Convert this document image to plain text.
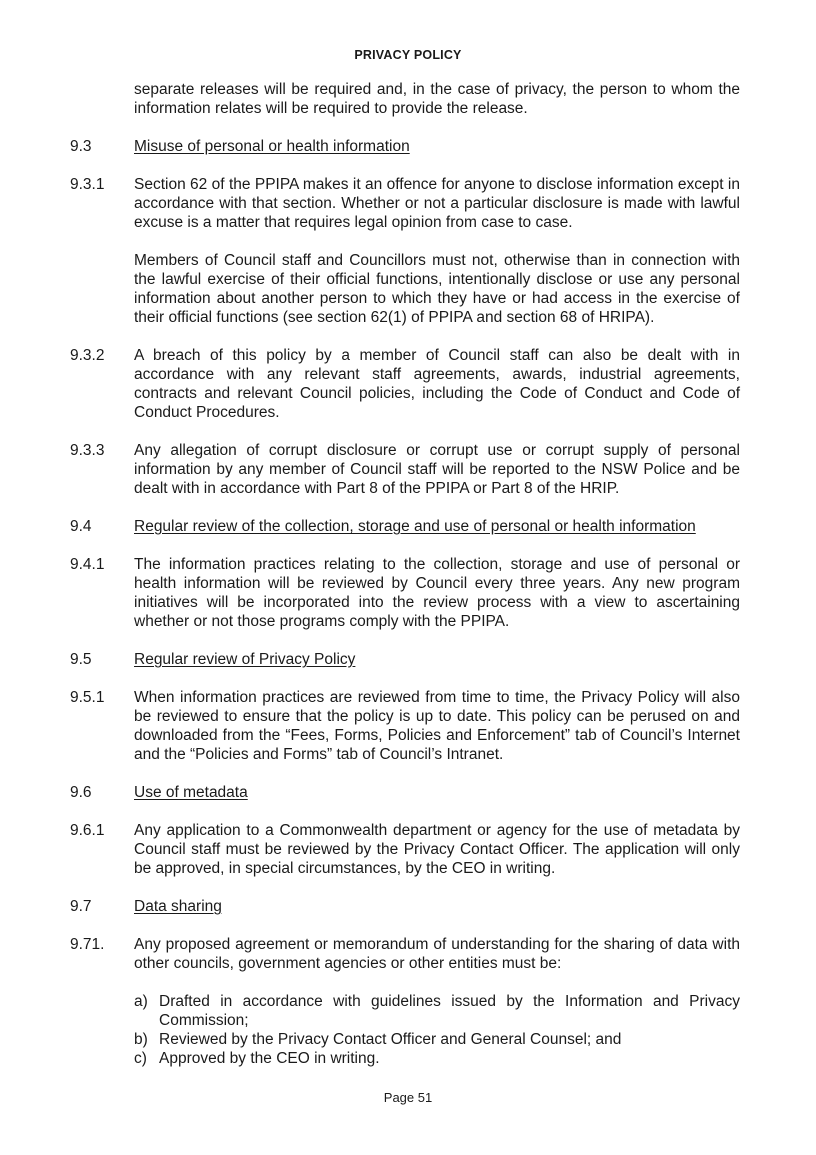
PRIVACY POLICY
separate releases will be required and, in the case of privacy, the person to whom the information relates will be required to provide the release.
9.3	Misuse of personal or health information
9.3.1 Section 62 of the PPIPA makes it an offence for anyone to disclose information except in accordance with that section. Whether or not a particular disclosure is made with lawful excuse is a matter that requires legal opinion from case to case.
Members of Council staff and Councillors must not, otherwise than in connection with the lawful exercise of their official functions, intentionally disclose or use any personal information about another person to which they have or had access in the exercise of their official functions (see section 62(1) of PPIPA and section 68 of HRIPA).
9.3.2 A breach of this policy by a member of Council staff can also be dealt with in accordance with any relevant staff agreements, awards, industrial agreements, contracts and relevant Council policies, including the Code of Conduct and Code of Conduct Procedures.
9.3.3 Any allegation of corrupt disclosure or corrupt use or corrupt supply of personal information by any member of Council staff will be reported to the NSW Police and be dealt with in accordance with Part 8 of the PPIPA or Part 8 of the HRIP.
9.4	Regular review of the collection, storage and use of personal or health information
9.4.1 The information practices relating to the collection, storage and use of personal or health information will be reviewed by Council every three years. Any new program initiatives will be incorporated into the review process with a view to ascertaining whether or not those programs comply with the PPIPA.
9.5	Regular review of Privacy Policy
9.5.1 When information practices are reviewed from time to time, the Privacy Policy will also be reviewed to ensure that the policy is up to date. This policy can be perused on and downloaded from the “Fees, Forms, Policies and Enforcement” tab of Council’s Internet and the “Policies and Forms” tab of Council’s Intranet.
9.6	Use of metadata
9.6.1 Any application to a Commonwealth department or agency for the use of metadata by Council staff must be reviewed by the Privacy Contact Officer. The application will only be approved, in special circumstances, by the CEO in writing.
9.7	Data sharing
9.71. Any proposed agreement or memorandum of understanding for the sharing of data with other councils, government agencies or other entities must be:
a) Drafted in accordance with guidelines issued by the Information and Privacy Commission;
b) Reviewed by the Privacy Contact Officer and General Counsel; and
c) Approved by the CEO in writing.
Page 51
